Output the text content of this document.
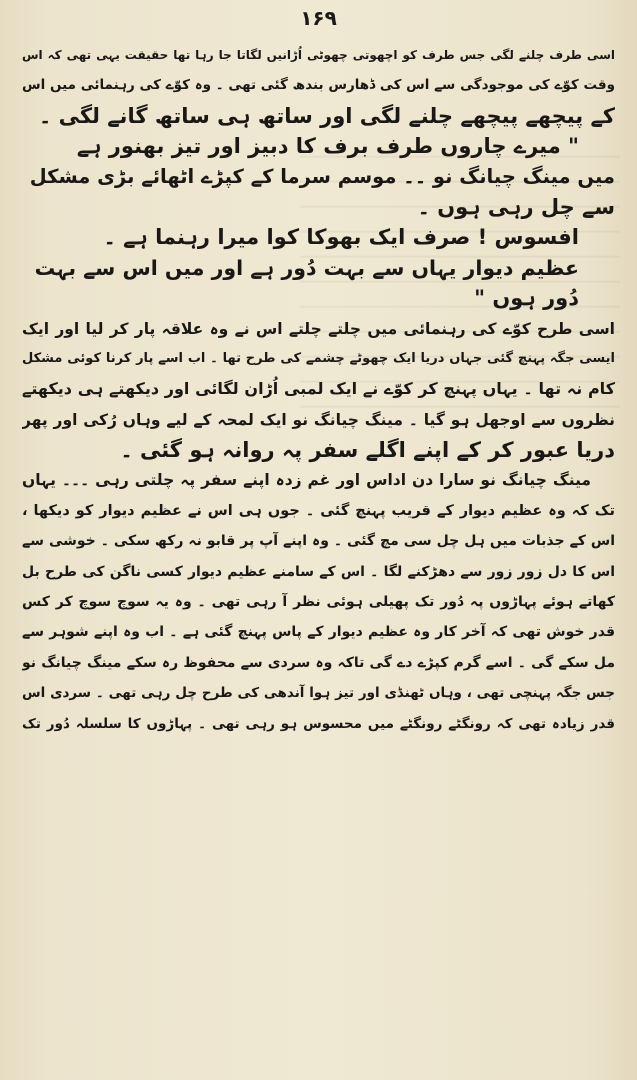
۱۶۹
اسی طرف چلنے لگی جس طرف کو اچھوتی چھوٹی اُڑانیں لگاتا جا رہا تھا حقیقت یہی تھی کہ اس
وقت کوّے کی موجودگی سے اس کی ڈھارس بندھ گئی تھی ۔ وہ کوّے کی رہنمائی میں اس
کے پیچھے پیچھے چلنے لگی اور ساتھ ہی ساتھ گانے لگی ۔
" میرے چاروں طرف برف کا دبیز اور تیز بھنور ہے
میں مینگ چیانگ نو ۔۔ موسم سرما کے کپڑے اٹھائے بڑی مشکل
سے چل رہی ہوں ۔
افسوس ! صرف ایک بھوکا کوا میرا رہنما ہے ۔
عظیم دیوار یہاں سے بہت دُور ہے اور میں اس سے بہت
دُور ہوں "
اسی طرح کوّے کی رہنمائی میں چلتے چلتے اس نے وہ علاقہ پار کر لیا اور ایک
ایسی جگہ پہنچ گئی جہاں دریا ایک چھوٹے چشمے کی طرح تھا ۔ اب اسے پار کرنا کوئی مشکل
کام نہ تھا ۔ یہاں پہنچ کر کوّے نے ایک لمبی اُڑان لگائی اور دیکھتے ہی دیکھتے
نظروں سے اوجھل ہو گیا ۔ مینگ چیانگ نو ایک لمحہ کے لیے وہاں رُکی اور پھر
دریا عبور کر کے اپنے اگلے سفر پہ روانہ ہو گئی ۔
مینگ چیانگ نو سارا دن اداس اور غم زدہ اپنے سفر پہ چلتی رہی ۔۔۔ یہاں
تک کہ وہ عظیم دیوار کے قریب پہنچ گئی ۔ جوں ہی اس نے عظیم دیوار کو دیکھا ،
اس کے جذبات میں ہل چل سی مچ گئی ۔ وہ اپنے آپ پر قابو نہ رکھ سکی ۔ خوشی سے
اس کا دل زور زور سے دھڑکنے لگا ۔ اس کے سامنے عظیم دیوار کسی ناگن کی طرح بل
کھاتے ہوئے پہاڑوں پہ دُور تک پھیلی ہوئی نظر آ رہی تھی ۔ وہ یہ سوچ سوچ کر کس
قدر خوش تھی کہ آخر کار وہ عظیم دیوار کے پاس پہنچ گئی ہے ۔ اب وہ اپنے شوہر سے
مل سکے گی ۔ اسے گرم کپڑے دے گی تاکہ وہ سردی سے محفوظ رہ سکے مینگ چیانگ نو
جس جگہ پہنچی تھی ، وہاں ٹھنڈی اور تیز ہوا آندھی کی طرح چل رہی تھی ۔ سردی اس
قدر زیادہ تھی کہ رونگٹے رونگٹے میں محسوس ہو رہی تھی ۔ پہاڑوں کا سلسلہ دُور تک
